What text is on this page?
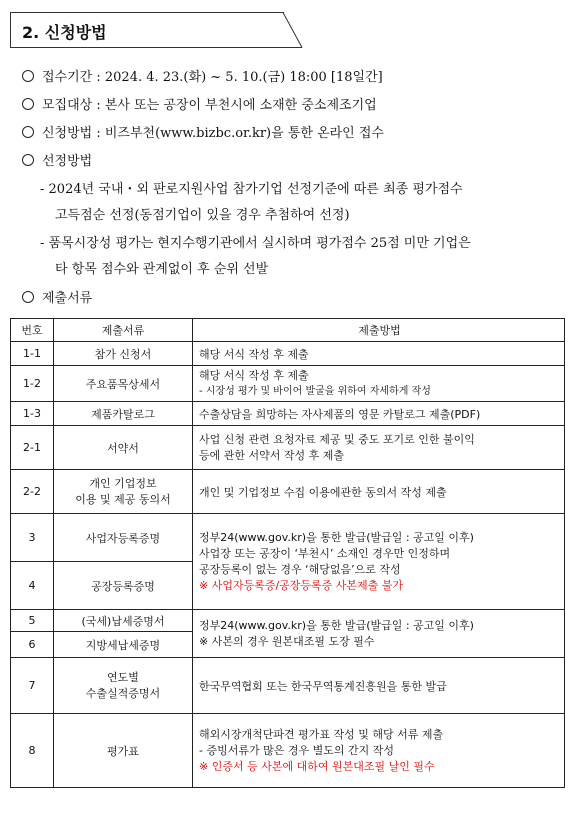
2. 신청방법
접수기간 : 2024. 4. 23.(화) ~ 5. 10.(금) 18:00 [18일간]
모집대상 : 본사 또는 공장이 부천시에 소재한 중소제조기업
신청방법 : 비즈부천(www.bizbc.or.kr)을 통한 온라인 접수
선정방법
- 2024년 국내・외 판로지원사업 참가기업 선정기준에 따른 최종 평가점수
고득점순 선정(동점기업이 있을 경우 추첨하여 선정)
- 품목시장성 평가는 현지수행기관에서 실시하며 평가점수 25점 미만 기업은
타 항목 점수와 관계없이 후 순위 선발
제출서류
번호	제출서류	제출방법
1-1	참가 신청서	해당 서식 작성 후 제출
1-2	주요품목상세서	해당 서식 작성 후 제출
- 시장성 평가 및 바이어 발굴을 위하여 자세하게 작성

1-3	제품카탈로그	수출상담을 희망하는 자사제품의 영문 카탈로그 제출(PDF)
2-1	서약서	사업 신청 관련 요청자료 제공 및 중도 포기로 인한 불이익
등에 관한 서약서 작성 후 제출

2-2	개인 기업정보
이용 및 제공 동의서	개인 및 기업정보 수집 이용에관한 동의서 작성 제출
3	사업자등록증명	정부24(www.gov.kr)을 통한 발급(발급일 : 공고일 이후)
사업장 또는 공장이 ‘부천시’ 소재인 경우만 인정하며
공장등록이 없는 경우 ‘해당없음’으로 작성
※ 사업자등록증/공장등록증 사본제출 불가

4	공장등록증명	
5	(국세)납세증명서	정부24(www.gov.kr)을 통한 발급(발급일 : 공고일 이후)
※ 사본의 경우 원본대조필 도장 필수

6	지방세납세증명	
7	연도별
수출실적증명서	한국무역협회 또는 한국무역통계진흥원을 통한 발급
8	평가표	해외시장개척단파견 평가표 작성 및 해당 서류 제출
- 증빙서류가 많은 경우 별도의 간지 작성
※ 인증서 등 사본에 대하여 원본대조필 날인 필수
